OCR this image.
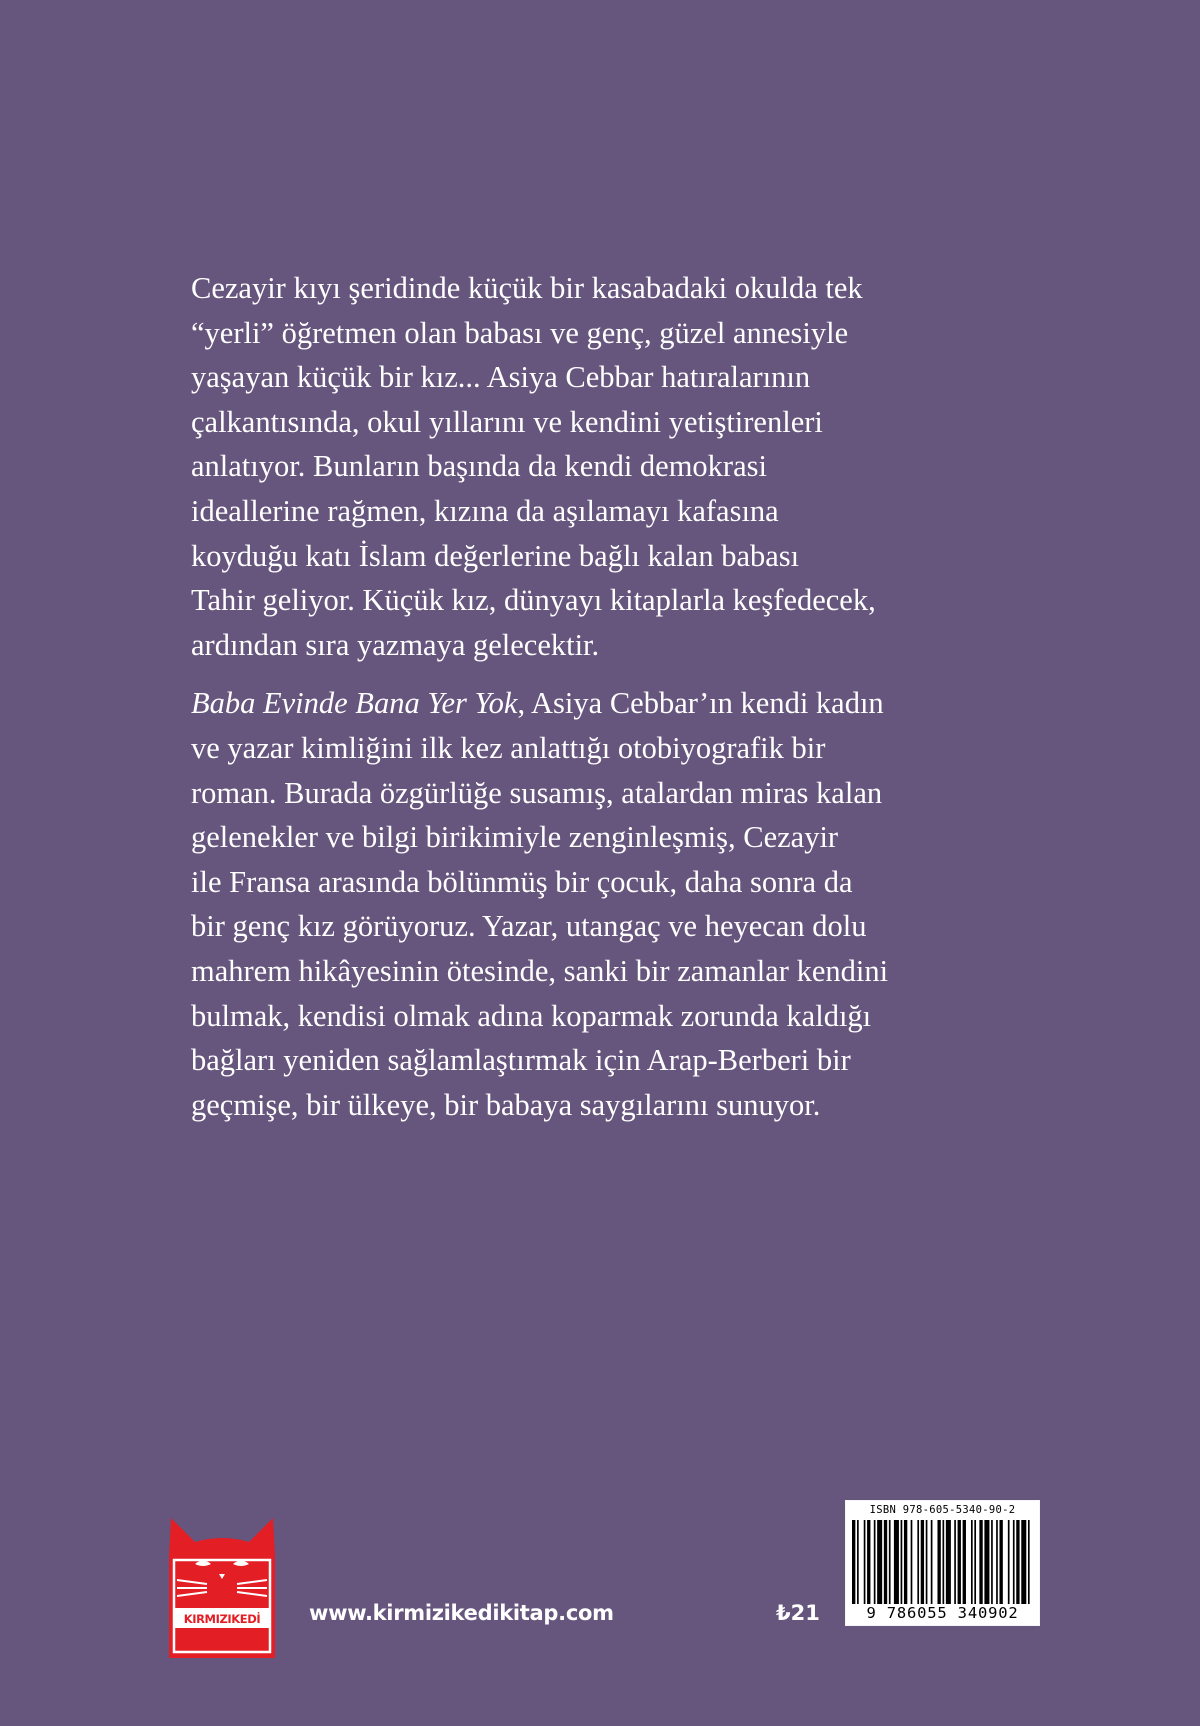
Cezayir kıyı şeridinde küçük bir kasabadaki okulda tek
“yerli” öğretmen olan babası ve genç, güzel annesiyle
yaşayan küçük bir kız... Asiya Cebbar hatıralarının
çalkantısında, okul yıllarını ve kendini yetiştirenleri
anlatıyor. Bunların başında da kendi demokrasi
ideallerine rağmen, kızına da aşılamayı kafasına
koyduğu katı İslam değerlerine bağlı kalan babası
Tahir geliyor. Küçük kız, dünyayı kitaplarla keşfedecek,
ardından sıra yazmaya gelecektir.

Baba Evinde Bana Yer Yok, Asiya Cebbar’ın kendi kadın
ve yazar kimliğini ilk kez anlattığı otobiyografik bir
roman. Burada özgürlüğe susamış, atalardan miras kalan
gelenekler ve bilgi birikimiyle zenginleşmiş, Cezayir
ile Fransa arasında bölünmüş bir çocuk, daha sonra da
bir genç kız görüyoruz. Yazar, utangaç ve heyecan dolu
mahrem hikâyesinin ötesinde, sanki bir zamanlar kendini
bulmak, kendisi olmak adına koparmak zorunda kaldığı
bağları yeniden sağlamlaştırmak için Arap-Berberi bir
geçmişe, bir ülkeye, bir babaya saygılarını sunuyor.

KIRMIZIKEDİ www.kirmizikedikitap.com	₺21
ISBN 978-605-5340-90-2
9 786055 340902
